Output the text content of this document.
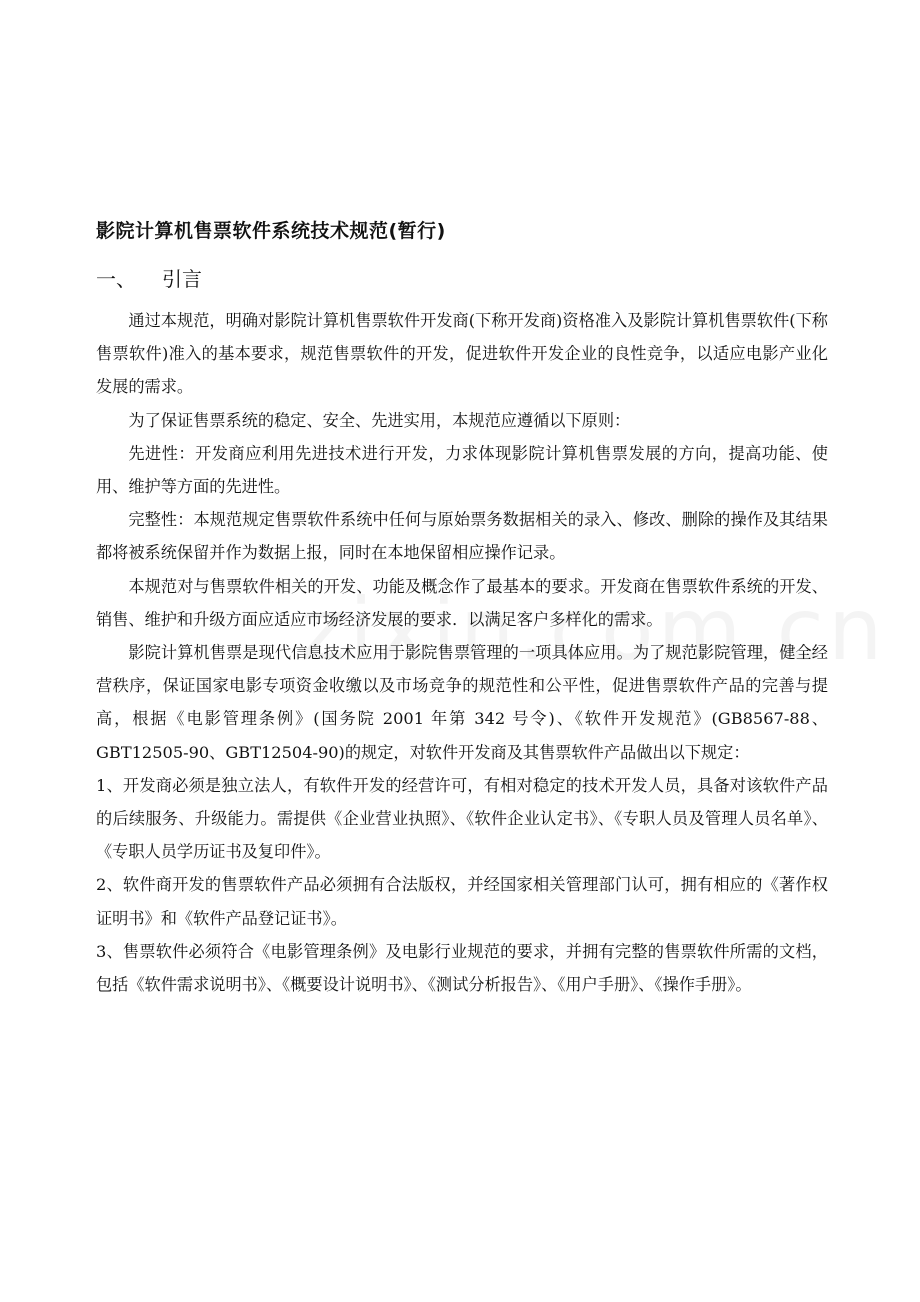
影院计算机售票软件系统技术规范(暂行)
一、	引言

通过本规范，明确对影院计算机售票软件开发商(下称开发商)资格准入及影院计算机售票软件(下称售票软件)准入的基本要求，规范售票软件的开发，促进软件开发企业的良性竞争，以适应电影产业化发展的需求。

为了保证售票系统的稳定、安全、先进实用，本规范应遵循以下原则：

先进性：开发商应利用先进技术进行开发，力求体现影院计算机售票发展的方向，提高功能、使用、维护等方面的先进性。

完整性：本规范规定售票软件系统中任何与原始票务数据相关的录入、修改、删除的操作及其结果都将被系统保留并作为数据上报，同时在本地保留相应操作记录。

本规范对与售票软件相关的开发、功能及概念作了最基本的要求。开发商在售票软件系统的开发、销售、维护和升级方面应适应市场经济发展的要求．以满足客户多样化的需求。

影院计算机售票是现代信息技术应用于影院售票管理的一项具体应用。为了规范影院管理，健全经营秩序，保证国家电影专项资金收缴以及市场竞争的规范性和公平性，促进售票软件产品的完善与提高，根据《电影管理条例》(国务院 2001 年第 342 号令)、《软件开发规范》(GB8567-88、GBT12505-90、GBT12504-90)的规定，对软件开发商及其售票软件产品做出以下规定：

1、开发商必须是独立法人，有软件开发的经营许可，有相对稳定的技术开发人员，具备对该软件产品的后续服务、升级能力。需提供《企业营业执照》、《软件企业认定书》、《专职人员及管理人员名单》、《专职人员学历证书及复印件》。

2、软件商开发的售票软件产品必须拥有合法版权，并经国家相关管理部门认可，拥有相应的《著作权证明书》和《软件产品登记证书》。

3、售票软件必须符合《电影管理条例》及电影行业规范的要求，并拥有完整的售票软件所需的文档，包括《软件需求说明书》、《概要设计说明书》、《测试分析报告》、《用户手册》、《操作手册》。
